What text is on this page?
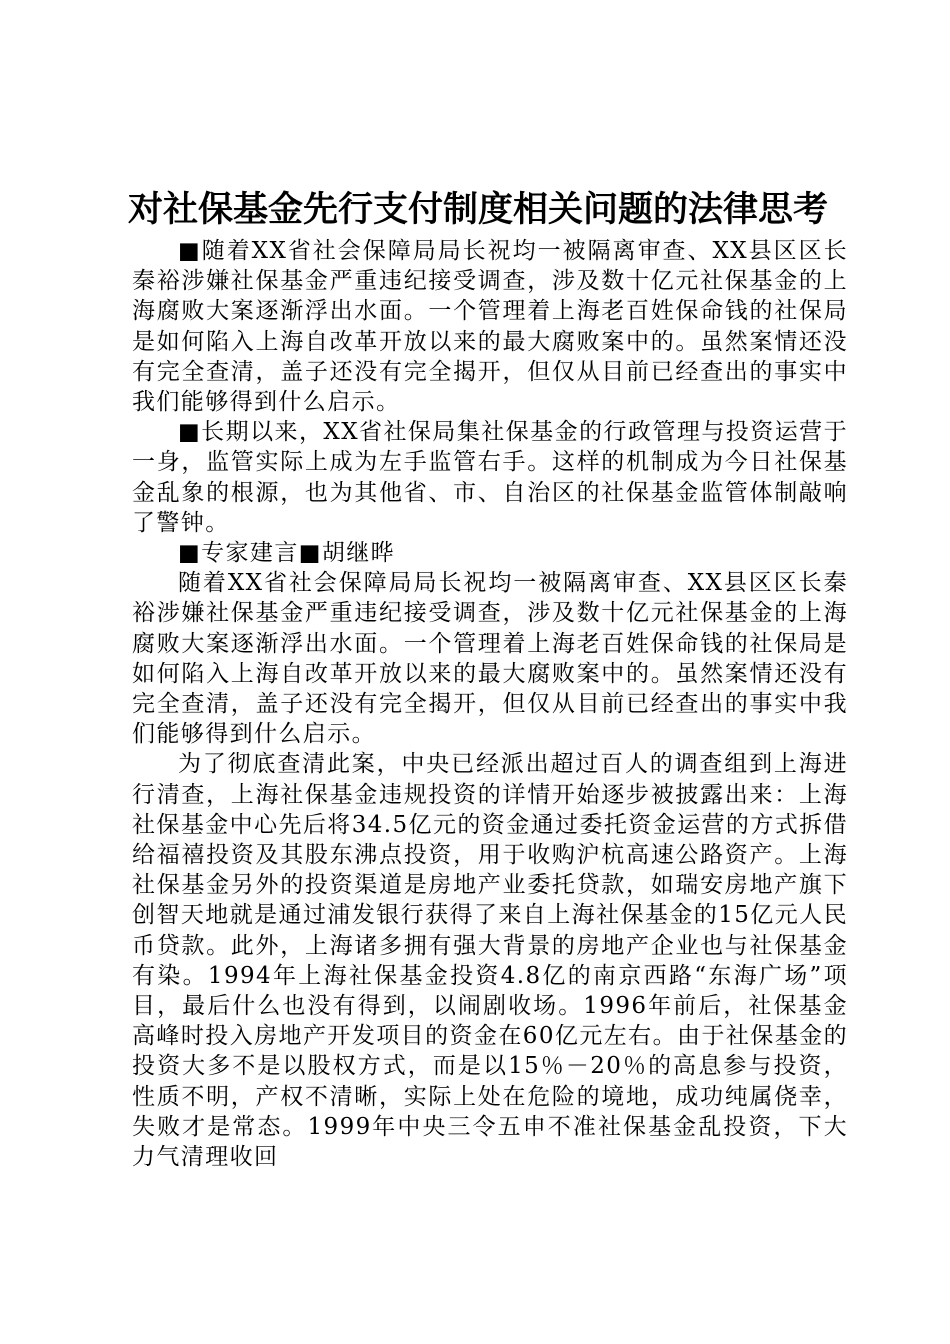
对社保基金先行支付制度相关问题的法律思考

■随着XX省社会保障局局长祝均一被隔离审查、XX县区区长秦裕涉嫌社保基金严重违纪接受调查，涉及数十亿元社保基金的上海腐败大案逐渐浮出水面。一个管理着上海老百姓保命钱的社保局是如何陷入上海自改革开放以来的最大腐败案中的。虽然案情还没有完全查清，盖子还没有完全揭开，但仅从目前已经查出的事实中我们能够得到什么启示。

■长期以来，XX省社保局集社保基金的行政管理与投资运营于一身，监管实际上成为左手监管右手。这样的机制成为今日社保基金乱象的根源，也为其他省、市、自治区的社保基金监管体制敲响了警钟。

■专家建言■胡继晔

随着XX省社会保障局局长祝均一被隔离审查、XX县区区长秦裕涉嫌社保基金严重违纪接受调查，涉及数十亿元社保基金的上海腐败大案逐渐浮出水面。一个管理着上海老百姓保命钱的社保局是如何陷入上海自改革开放以来的最大腐败案中的。虽然案情还没有完全查清，盖子还没有完全揭开，但仅从目前已经查出的事实中我们能够得到什么启示。

为了彻底查清此案，中央已经派出超过百人的调查组到上海进行清查，上海社保基金违规投资的详情开始逐步被披露出来：上海社保基金中心先后将34.5亿元的资金通过委托资金运营的方式拆借给福禧投资及其股东沸点投资，用于收购沪杭高速公路资产。上海社保基金另外的投资渠道是房地产业委托贷款，如瑞安房地产旗下创智天地就是通过浦发银行获得了来自上海社保基金的15亿元人民币贷款。此外，上海诸多拥有强大背景的房地产企业也与社保基金有染。1994年上海社保基金投资4.8亿的南京西路“东海广场”项目，最后什么也没有得到，以闹剧收场。1996年前后，社保基金高峰时投入房地产开发项目的资金在60亿元左右。由于社保基金的投资大多不是以股权方式，而是以15％－20％的高息参与投资，性质不明，产权不清晰，实际上处在危险的境地，成功纯属侥幸，失败才是常态。1999年中央三令五申不准社保基金乱投资，下大力气清理收回
